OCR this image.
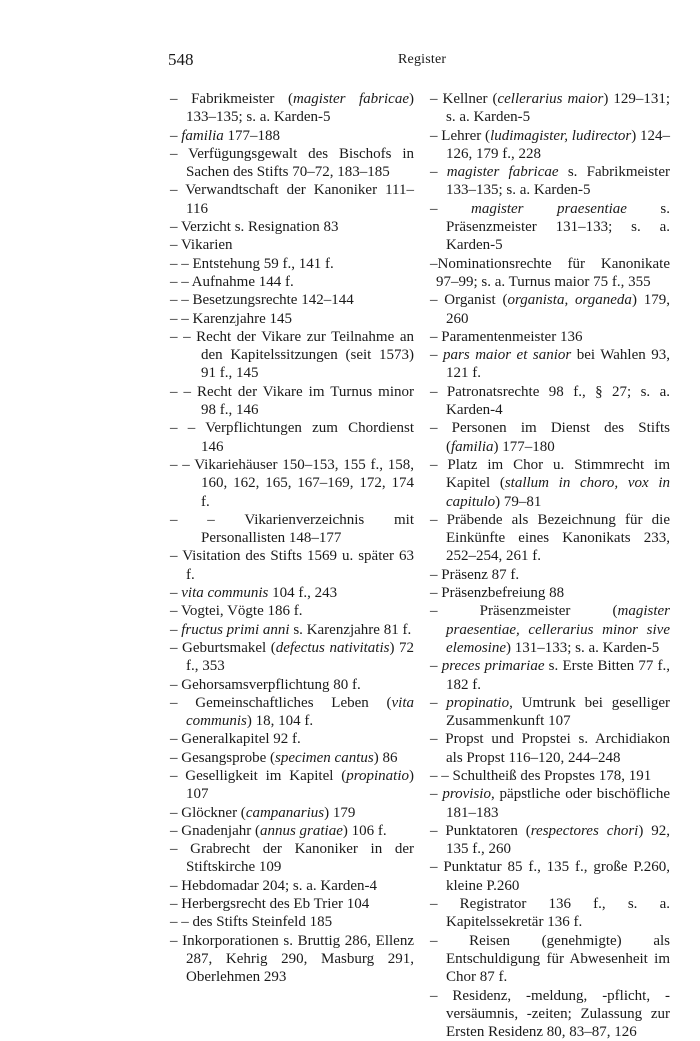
548	Register

– Fabrikmeister (magister fabricae) 133–135; s. a. Karden-5

– familia 177–188

– Verfügungsgewalt des Bischofs in Sachen des Stifts 70–72, 183–185

– Verwandtschaft der Kanoniker 111–116

– Verzicht s. Resignation 83

– Vikarien

– – Entstehung 59 f., 141 f.

– – Aufnahme 144 f.

– – Besetzungsrechte 142–144

– – Karenzjahre 145

– – Recht der Vikare zur Teilnahme an den Kapitelssitzungen (seit 1573) 91 f., 145

– – Recht der Vikare im Turnus minor 98 f., 146

– – Verpflichtungen zum Chordienst 146

– – Vikariehäuser 150–153, 155 f., 158, 160, 162, 165, 167–169, 172, 174 f.

– – Vikarienverzeichnis mit Personallisten 148–177

– Visitation des Stifts 1569 u. später 63 f.

– vita communis 104 f., 243

– Vogtei, Vögte 186 f.

– fructus primi anni s. Karenzjahre 81 f.

– Geburtsmakel (defectus nativitatis) 72 f., 353

– Gehorsamsverpflichtung 80 f.

– Gemeinschaftliches Leben (vita communis) 18, 104 f.

– Generalkapitel 92 f.

– Gesangsprobe (specimen cantus) 86

– Geselligkeit im Kapitel (propinatio) 107

– Glöckner (campanarius) 179

– Gnadenjahr (annus gratiae) 106 f.

– Grabrecht der Kanoniker in der Stiftskirche 109

– Hebdomadar 204; s. a. Karden-4

– Herbergsrecht des Eb Trier 104

– – des Stifts Steinfeld 185

– Inkorporationen s. Bruttig 286, Ellenz 287, Kehrig 290, Masburg 291, Oberlehmen 293

– Kellner (cellerarius maior) 129–131; s. a. Karden-5

– Lehrer (ludimagister, ludirector) 124–126, 179 f., 228

– magister fabricae s. Fabrikmeister 133–135; s. a. Karden-5

– magister praesentiae s. Präsenzmeister 131–133; s. a. Karden-5

–Nominationsrechte für Kanonikate 97–99; s. a. Turnus maior 75 f., 355

– Organist (organista, organeda) 179, 260

– Paramentenmeister 136

– pars maior et sanior bei Wahlen 93, 121 f.

– Patronatsrechte 98 f., § 27; s. a. Karden-4

– Personen im Dienst des Stifts (familia) 177–180

– Platz im Chor u. Stimmrecht im Kapitel (stallum in choro, vox in capitulo) 79–81

– Präbende als Bezeichnung für die Einkünfte eines Kanonikats 233, 252–254, 261 f.

– Präsenz 87 f.

– Präsenzbefreiung 88

– Präsenzmeister (magister praesentiae, cellerarius minor sive elemosine) 131–133; s. a. Karden-5

– preces primariae s. Erste Bitten 77 f., 182 f.

– propinatio, Umtrunk bei geselliger Zusammenkunft 107

– Propst und Propstei s. Archidiakon als Propst 116–120, 244–248

– – Schultheiß des Propstes 178, 191

– provisio, päpstliche oder bischöfliche 181–183

– Punktatoren (respectores chori) 92, 135 f., 260

– Punktatur 85 f., 135 f., große P.260, kleine P.260

– Registrator 136 f., s. a. Kapitelssekretär 136 f.

– Reisen (genehmigte) als Entschuldigung für Abwesenheit im Chor 87 f.

– Residenz, -meldung, -pflicht, -versäumnis, -zeiten; Zulassung zur Ersten Residenz 80, 83–87, 126
